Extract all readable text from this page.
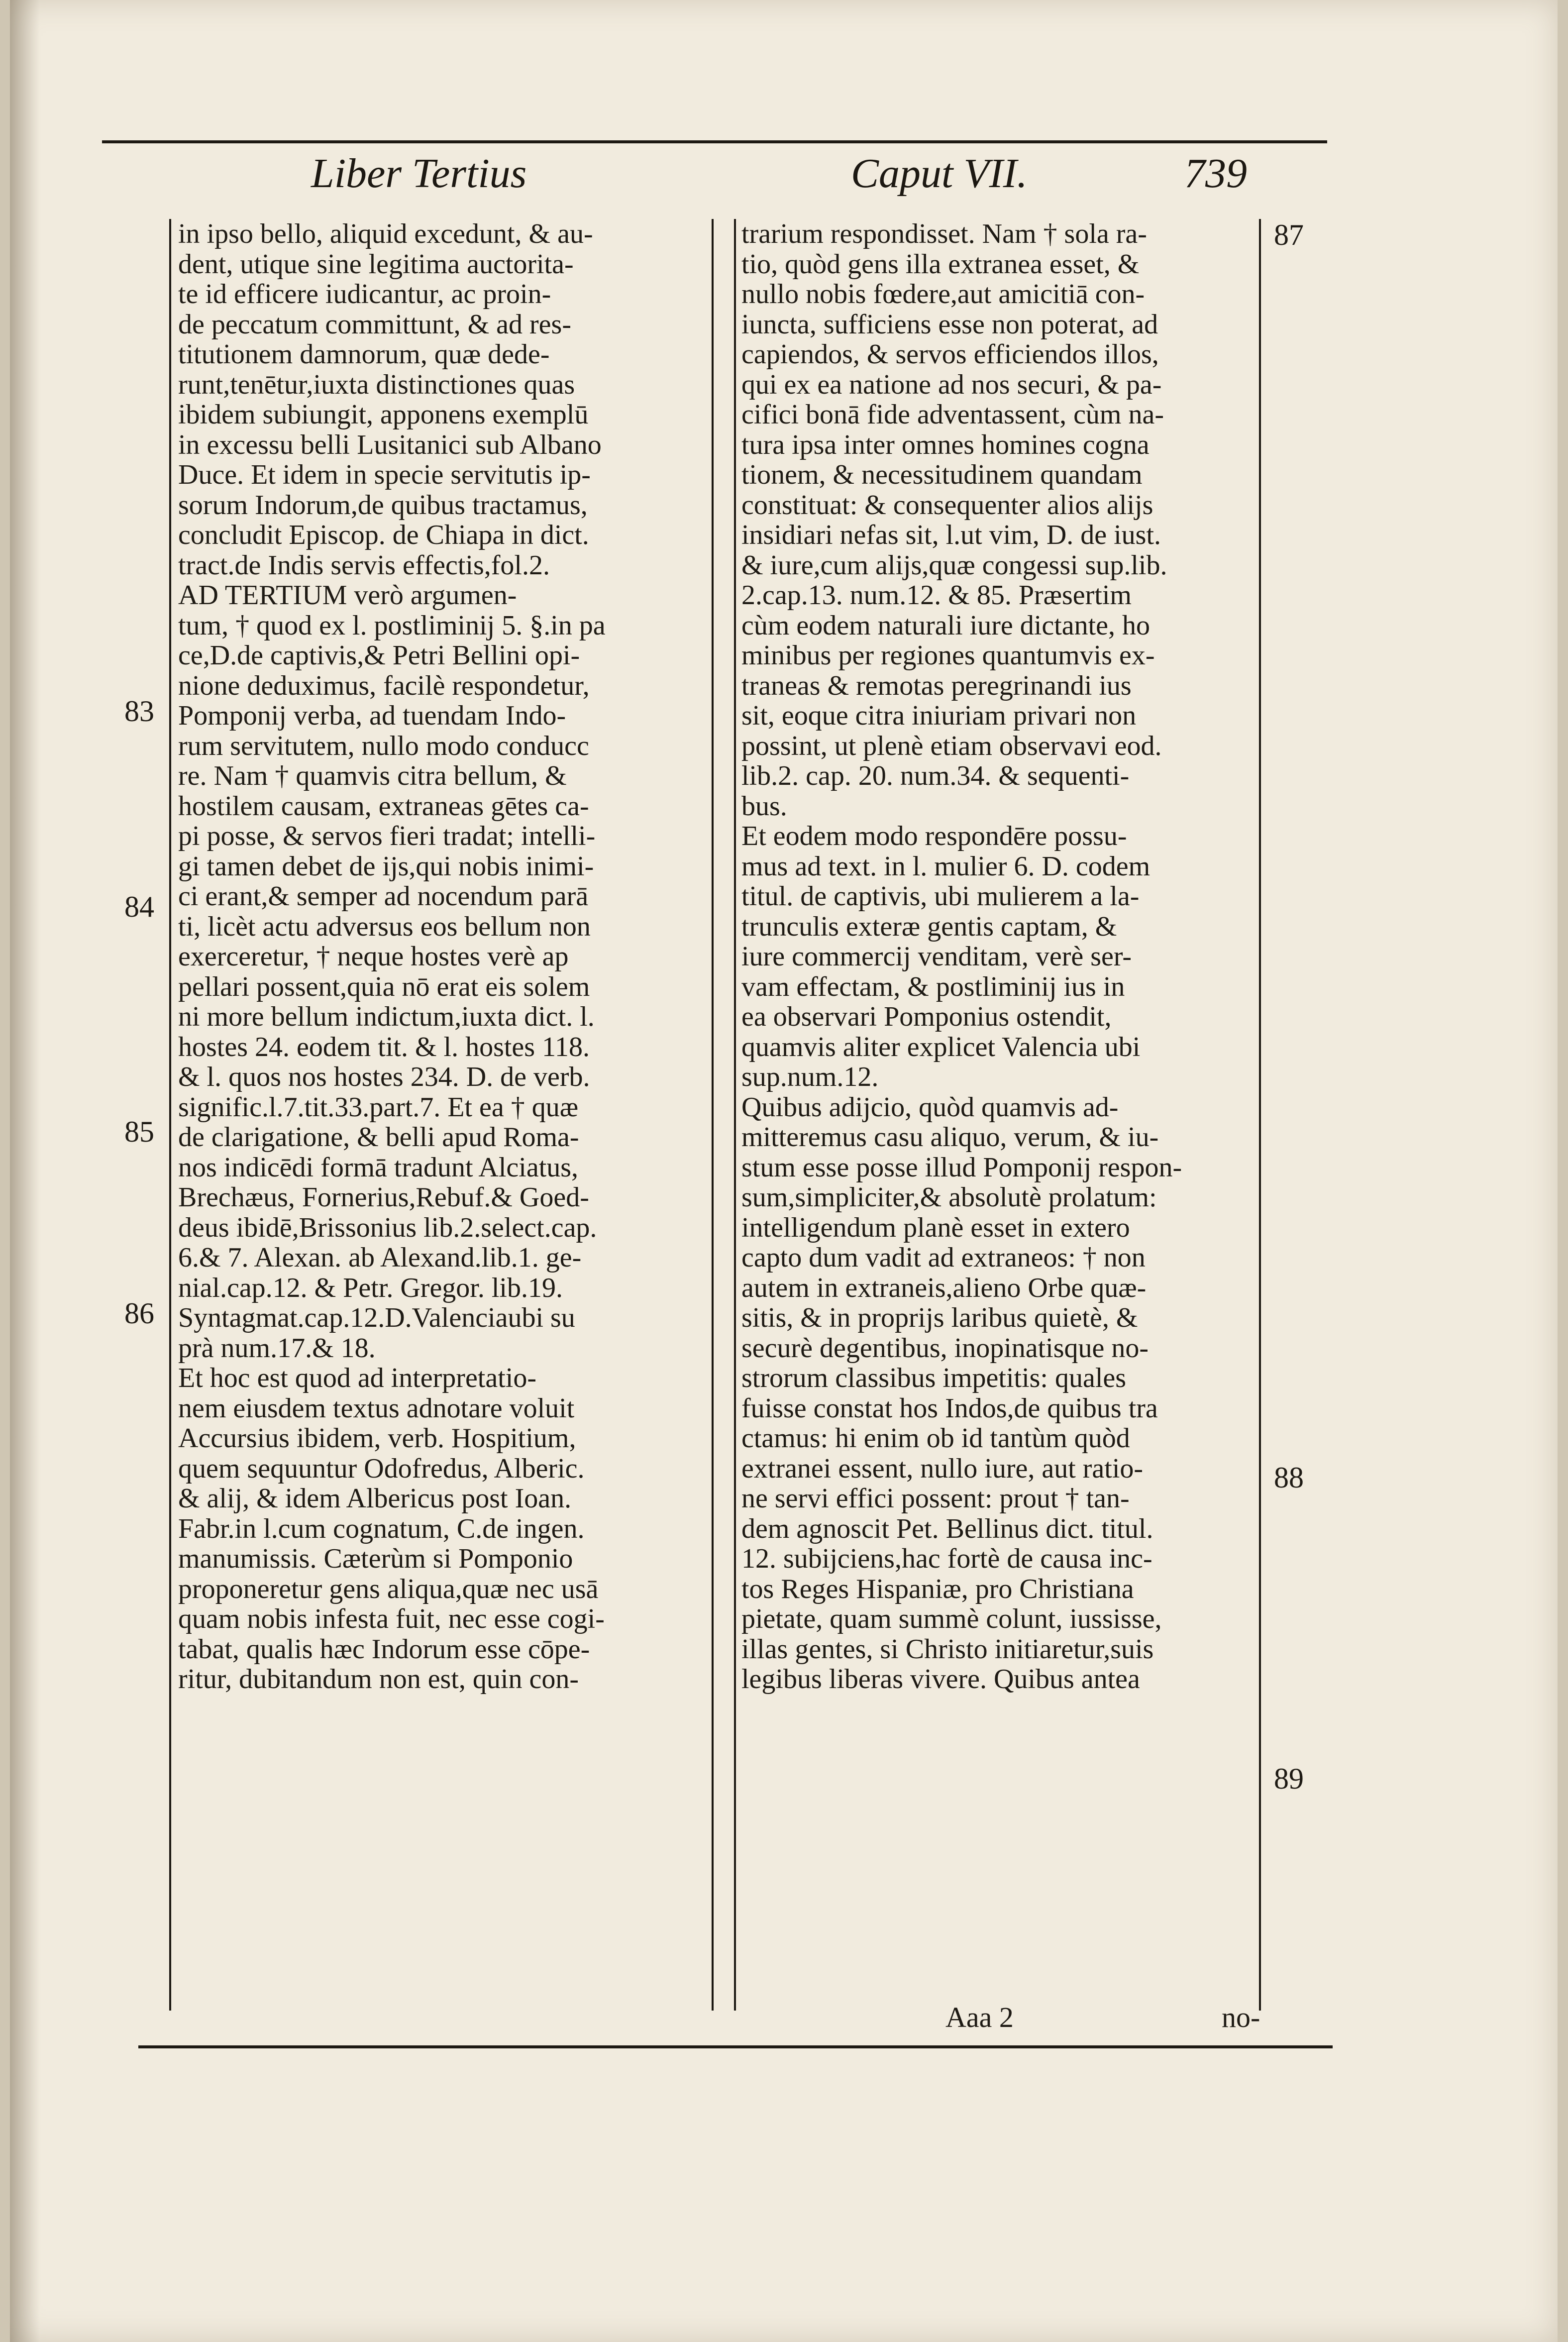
Liber Tertius	Caput VII.	739
in ipso bello, aliquid excedunt, & au-
dent, utique sine legitima auctorita-
te id efficere iudicantur, ac proin-
de peccatum committunt, & ad res-
titutionem damnorum, quæ dede-
runt,tenētur,iuxta distinctiones quas
ibidem subiungit, apponens exemplū
in excessu belli Lusitanici sub Albano
Duce. Et idem in specie servitutis ip-
sorum Indorum,de quibus tractamus,
concludit Episcop. de Chiapa in dict.
tract.de Indis servis effectis,fol.2.
AD TERTIUM verò argumen-
tum, † quod ex l. postliminij 5. §.in pa
ce,D.de captivis,& Petri Bellini opi-
nione deduximus, facilè respondetur,
Pomponij verba, ad tuendam Indo-
rum servitutem, nullo modo conducc
re. Nam † quamvis citra bellum, &
hostilem causam, extraneas gētes ca-
pi posse, & servos fieri tradat; intelli-
gi tamen debet de ijs,qui nobis inimi-
ci erant,& semper ad nocendum parā
ti, licèt actu adversus eos bellum non
exerceretur, † neque hostes verè ap
pellari possent,quia nō erat eis solem
ni more bellum indictum,iuxta dict. l.
hostes 24. eodem tit. & l. hostes 118.
& l. quos nos hostes 234. D. de verb.
signific.l.7.tit.33.part.7. Et ea † quæ
de clarigatione, & belli apud Roma-
nos indicēdi formā tradunt Alciatus,
Brechæus, Fornerius,Rebuf.& Goed-
deus ibidē,Brissonius lib.2.select.cap.
6.& 7. Alexan. ab Alexand.lib.1. ge-
nial.cap.12. & Petr. Gregor. lib.19.
Syntagmat.cap.12.D.Valenciaubi su
prà num.17.& 18.
Et hoc est quod ad interpretatio-
nem eiusdem textus adnotare voluit
Accursius ibidem, verb. Hospitium,
quem sequuntur Odofredus, Alberic.
& alij, & idem Albericus post Ioan.
Fabr.in l.cum cognatum, C.de ingen.
manumissis. Cæterùm si Pomponio
proponeretur gens aliqua,quæ nec usā
quam nobis infesta fuit, nec esse cogi-
tabat, qualis hæc Indorum esse cōpe-
ritur, dubitandum non est, quin con-
trarium respondisset. Nam † sola ra-
tio, quòd gens illa extranea esset, &
nullo nobis fœdere,aut amicitiā con-
iuncta, sufficiens esse non poterat, ad
capiendos, & servos efficiendos illos,
qui ex ea natione ad nos securi, & pa-
cifici bonā fide adventassent, cùm na-
tura ipsa inter omnes homines cogna
tionem, & necessitudinem quandam
constituat: & consequenter alios alijs
insidiari nefas sit, l.ut vim, D. de iust.
& iure,cum alijs,quæ congessi sup.lib.
2.cap.13. num.12. & 85. Præsertim
cùm eodem naturali iure dictante, ho
minibus per regiones quantumvis ex-
traneas & remotas peregrinandi ius
sit, eoque citra iniuriam privari non
possint, ut plenè etiam observavi eod.
lib.2. cap. 20. num.34. & sequenti-
bus.
Et eodem modo respondēre possu-
mus ad text. in l. mulier 6. D. codem
titul. de captivis, ubi mulierem a la-
trunculis exteræ gentis captam, &
iure commercij venditam, verè ser-
vam effectam, & postliminij ius in
ea observari Pomponius ostendit,
quamvis aliter explicet Valencia ubi
sup.num.12.
Quibus adijcio, quòd quamvis ad-
mitteremus casu aliquo, verum, & iu-
stum esse posse illud Pomponij respon-
sum,simpliciter,& absolutè prolatum:
intelligendum planè esset in extero
capto dum vadit ad extraneos: † non
autem in extraneis,alieno Orbe quæ-
sitis, & in proprijs laribus quietè, &
securè degentibus, inopinatisque no-
strorum classibus impetitis: quales
fuisse constat hos Indos,de quibus tra
ctamus: hi enim ob id tantùm quòd
extranei essent, nullo iure, aut ratio-
ne servi effici possent: prout † tan-
dem agnoscit Pet. Bellinus dict. titul.
12. subijciens,hac fortè de causa inc-
tos Reges Hispaniæ, pro Christiana
pietate, quam summè colunt, iussisse,
illas gentes, si Christo initiaretur,suis
legibus liberas vivere. Quibus antea
83
84
85
86
87
88
89
Aaa 2	no-
